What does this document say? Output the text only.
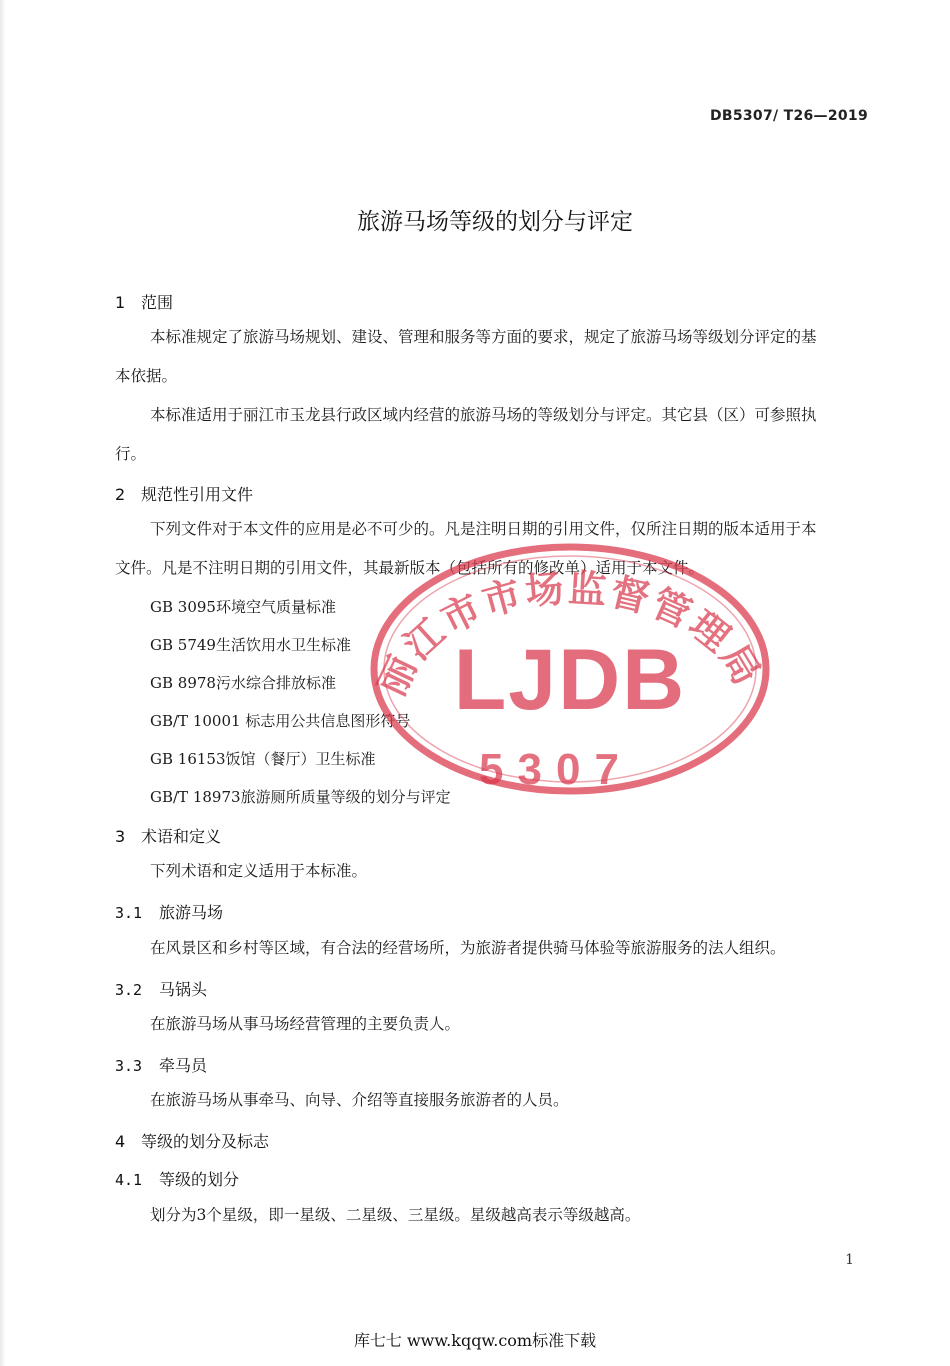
DB5307/ T26—2019
旅游马场等级的划分与评定
1 范围
本标准规定了旅游马场规划、建设、管理和服务等方面的要求，规定了旅游马场等级划分评定的基
本依据。
本标准适用于丽江市玉龙县行政区域内经营的旅游马场的等级划分与评定。其它县（区）可参照执
行。
2 规范性引用文件
下列文件对于本文件的应用是必不可少的。凡是注明日期的引用文件，仅所注日期的版本适用于本
文件。凡是不注明日期的引用文件，其最新版本（包括所有的修改单）适用于本文件。
GB 3095环境空气质量标准
GB 5749生活饮用水卫生标准
GB 8978污水综合排放标准
GB/T 10001 标志用公共信息图形符号
GB 16153饭馆（餐厅）卫生标准
GB/T 18973旅游厕所质量等级的划分与评定
3 术语和定义
下列术语和定义适用于本标准。
3.1 旅游马场
在风景区和乡村等区域，有合法的经营场所，为旅游者提供骑马体验等旅游服务的法人组织。
3.2 马锅头
在旅游马场从事马场经营管理的主要负责人。
3.3 牵马员
在旅游马场从事牵马、向导、介绍等直接服务旅游者的人员。
4 等级的划分及标志
4.1 等级的划分
划分为3个星级，即一星级、二星级、三星级。星级越高表示等级越高。
丽江市市场监督管理局
LJDB
5307
1
库七七 www.kqqw.com标准下载
